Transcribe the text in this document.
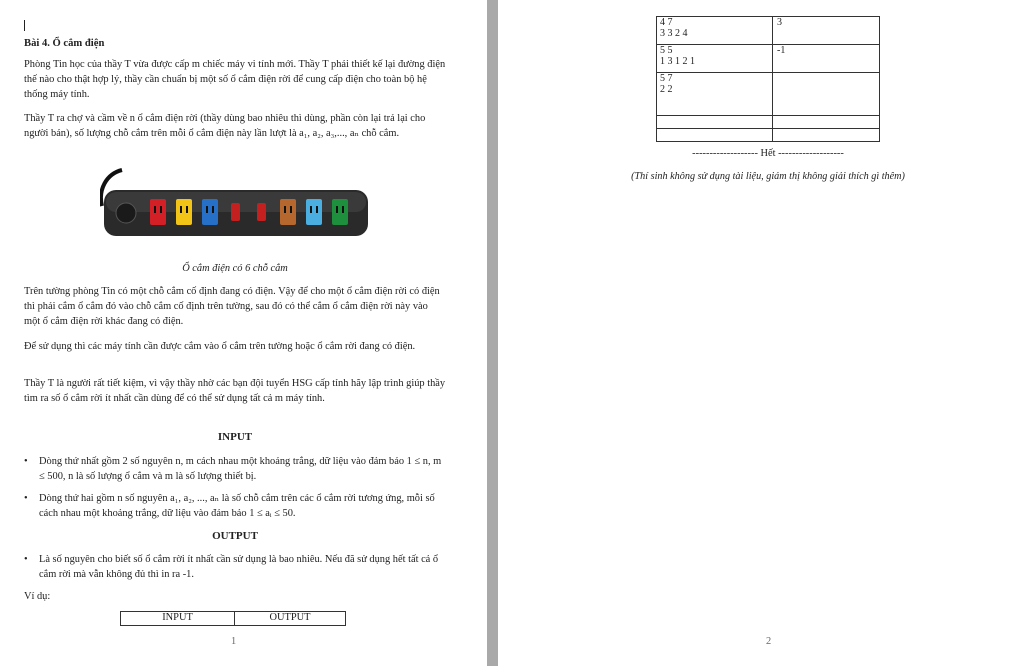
Bài 4. Ổ cắm điện
Phòng Tin học của thầy T vừa được cấp m chiếc máy vi tính mới. Thầy T phải thiết kế lại đường điện thế nào cho thật hợp lý, thầy cần chuẩn bị một số ổ cắm điện rời để cung cấp điện cho toàn bộ hệ thống máy tính.
Thầy T ra chợ và cầm về n ổ cắm điện rời (thầy dùng bao nhiêu thì dùng, phần còn lại trả lại cho người bán), số lượng chỗ cắm trên mỗi ổ cắm điện này lần lượt là a₁, a₂, a₃,..., aₙ chỗ cắm.
Ổ cắm điện có 6 chỗ cắm
Trên tường phòng Tin có một chỗ cắm cố định đang có điện. Vậy để cho một ổ cắm điện rời có điện thì phải cắm ổ cắm đó vào chỗ cắm cố định trên tường, sau đó có thể cắm ổ cắm điện rời này vào một ổ cắm điện rời khác đang có điện.
Để sử dụng thì các máy tính cần được cắm vào ổ cắm trên tường hoặc ổ cắm rời đang có điện.
Thầy T là người rất tiết kiệm, vì vậy thầy nhờ các bạn đội tuyển HSG cấp tỉnh hãy lập trình giúp thầy tìm ra số ổ cắm rời ít nhất cần dùng để có thể sử dụng tất cả m máy tính.
INPUT
• Dòng thứ nhất gồm 2 số nguyên n, m cách nhau một khoảng trắng, dữ liệu vào đảm bảo 1 ≤ n, m ≤ 500, n là số lượng ổ cắm và m là số lượng thiết bị.
• Dòng thứ hai gồm n số nguyên a₁, a₂, ..., aₙ là số chỗ cắm trên các ổ cắm rời tương ứng, mỗi số cách nhau một khoảng trắng, dữ liệu vào đảm bảo 1 ≤ aᵢ ≤ 50.
OUTPUT
• Là số nguyên cho biết số ổ cắm rời ít nhất cần sử dụng là bao nhiêu. Nếu đã sử dụng hết tất cả ổ cắm rời mà vẫn không đủ thì in ra -1.
Ví dụ:
INPUT	OUTPUT
1
4 7
3 3 2 4	3

5 5
1 3 1 2 1	-1

5 7
2 2	

------------------- Hết -------------------
(Thí sinh không sử dụng tài liệu, giám thị không giải thích gì thêm)
2
